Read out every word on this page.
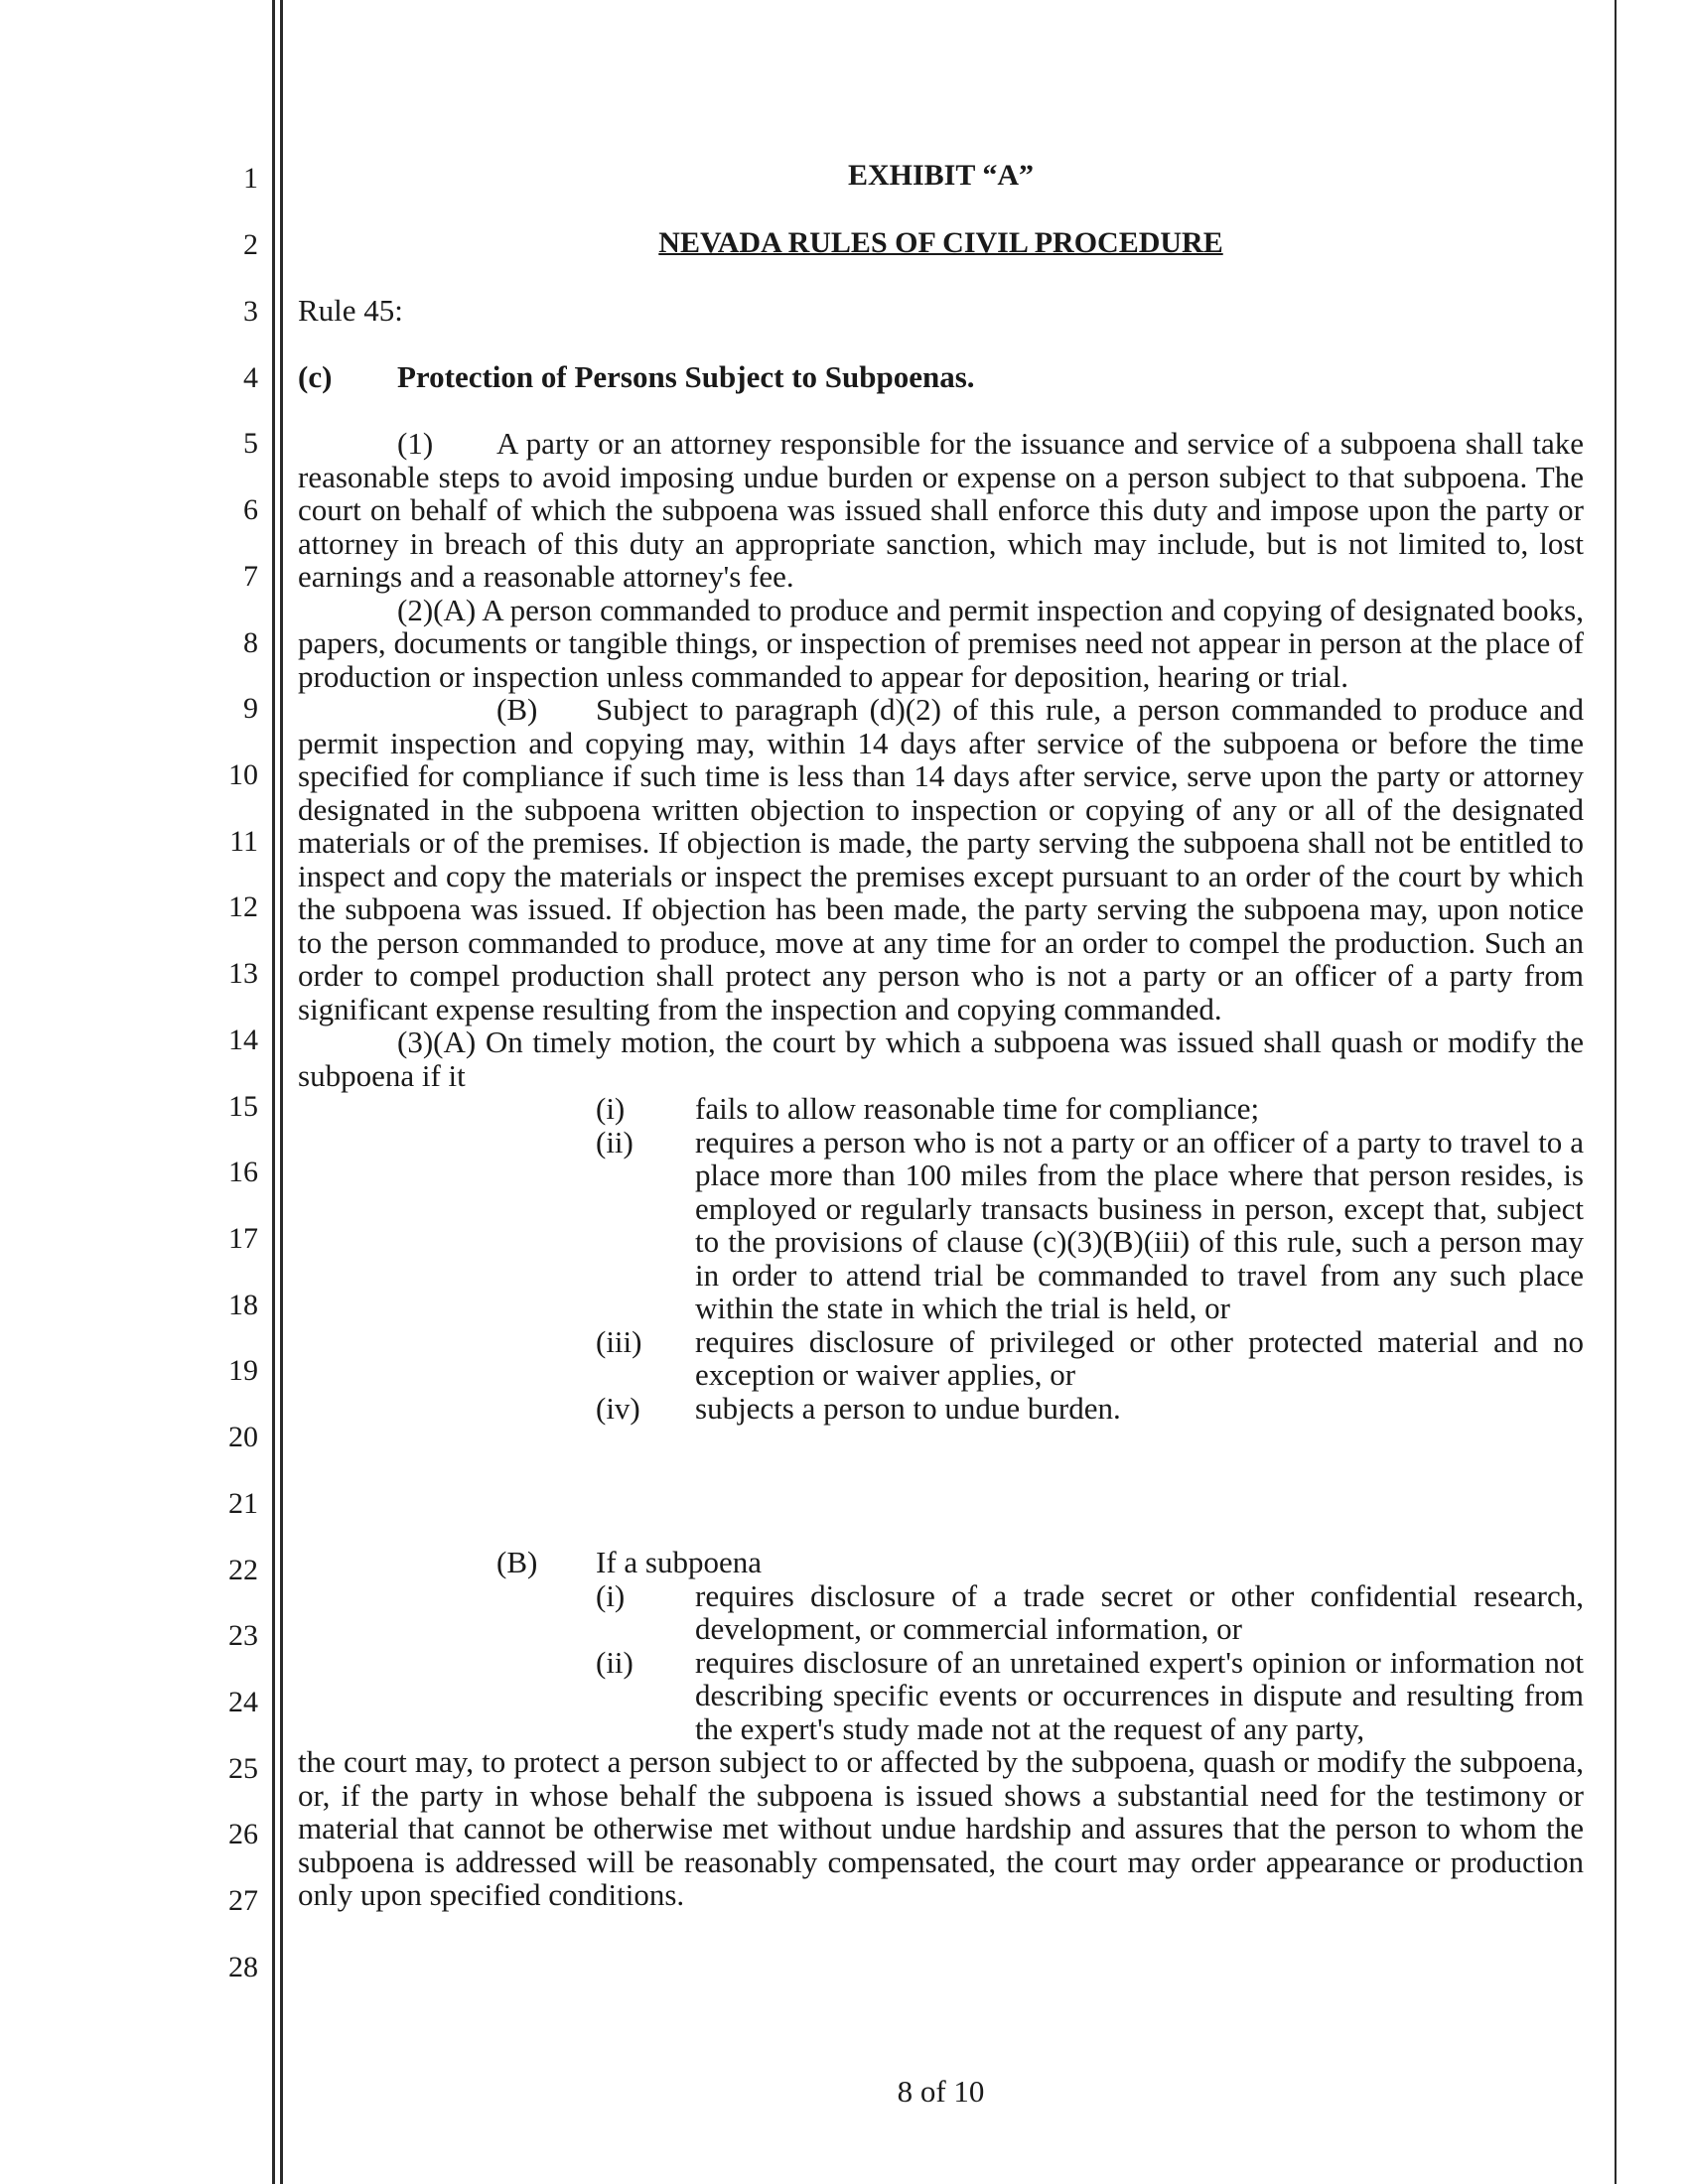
1
2
3
4
5
6
7
8
9
10
11
12
13
14
15
16
17
18
19
20
21
22
23
24
25
26
27
28
EXHIBIT “A”
NEVADA RULES OF CIVIL PROCEDURE
Rule 45:
(c) Protection of Persons Subject to Subpoenas.

(1) A party or an attorney responsible for the issuance and service of a subpoena shall take reasonable steps to avoid imposing undue burden or expense on a person subject to that subpoena. The court on behalf of which the subpoena was issued shall enforce this duty and impose upon the party or attorney in breach of this duty an appropriate sanction, which may include, but is not limited to, lost earnings and a reasonable attorney's fee.

(2)(A) A person commanded to produce and permit inspection and copying of designated books, papers, documents or tangible things, or inspection of premises need not appear in person at the place of production or inspection unless commanded to appear for deposition, hearing or trial.

(B) Subject to paragraph (d)(2) of this rule, a person commanded to produce and permit inspection and copying may, within 14 days after service of the subpoena or before the time specified for compliance if such time is less than 14 days after service, serve upon the party or attorney designated in the subpoena written objection to inspection or copying of any or all of the designated materials or of the premises. If objection is made, the party serving the subpoena shall not be entitled to inspect and copy the materials or inspect the premises except pursuant to an order of the court by which the subpoena was issued. If objection has been made, the party serving the subpoena may, upon notice to the person commanded to produce, move at any time for an order to compel the production. Such an order to compel production shall protect any person who is not a party or an officer of a party from significant expense resulting from the inspection and copying commanded.

(3)(A) On timely motion, the court by which a subpoena was issued shall quash or modify the subpoena if it

(i) fails to allow reasonable time for compliance;
(ii) requires a person who is not a party or an officer of a party to travel to a place more than 100 miles from the place where that person resides, is employed or regularly transacts business in person, except that, subject to the provisions of clause (c)(3)(B)(iii) of this rule, such a person may in order to attend trial be commanded to travel from any such place within the state in which the trial is held, or
(iii) requires disclosure of privileged or other protected material and no exception or waiver applies, or
(iv) subjects a person to undue burden.
(B) If a subpoena
(i) requires disclosure of a trade secret or other confidential research, development, or commercial information, or
(ii) requires disclosure of an unretained expert's opinion or information not describing specific events or occurrences in dispute and resulting from the expert's study made not at the request of any party,

the court may, to protect a person subject to or affected by the subpoena, quash or modify the subpoena, or, if the party in whose behalf the subpoena is issued shows a substantial need for the testimony or material that cannot be otherwise met without undue hardship and assures that the person to whom the subpoena is addressed will be reasonably compensated, the court may order appearance or production only upon specified conditions.

8 of 10
